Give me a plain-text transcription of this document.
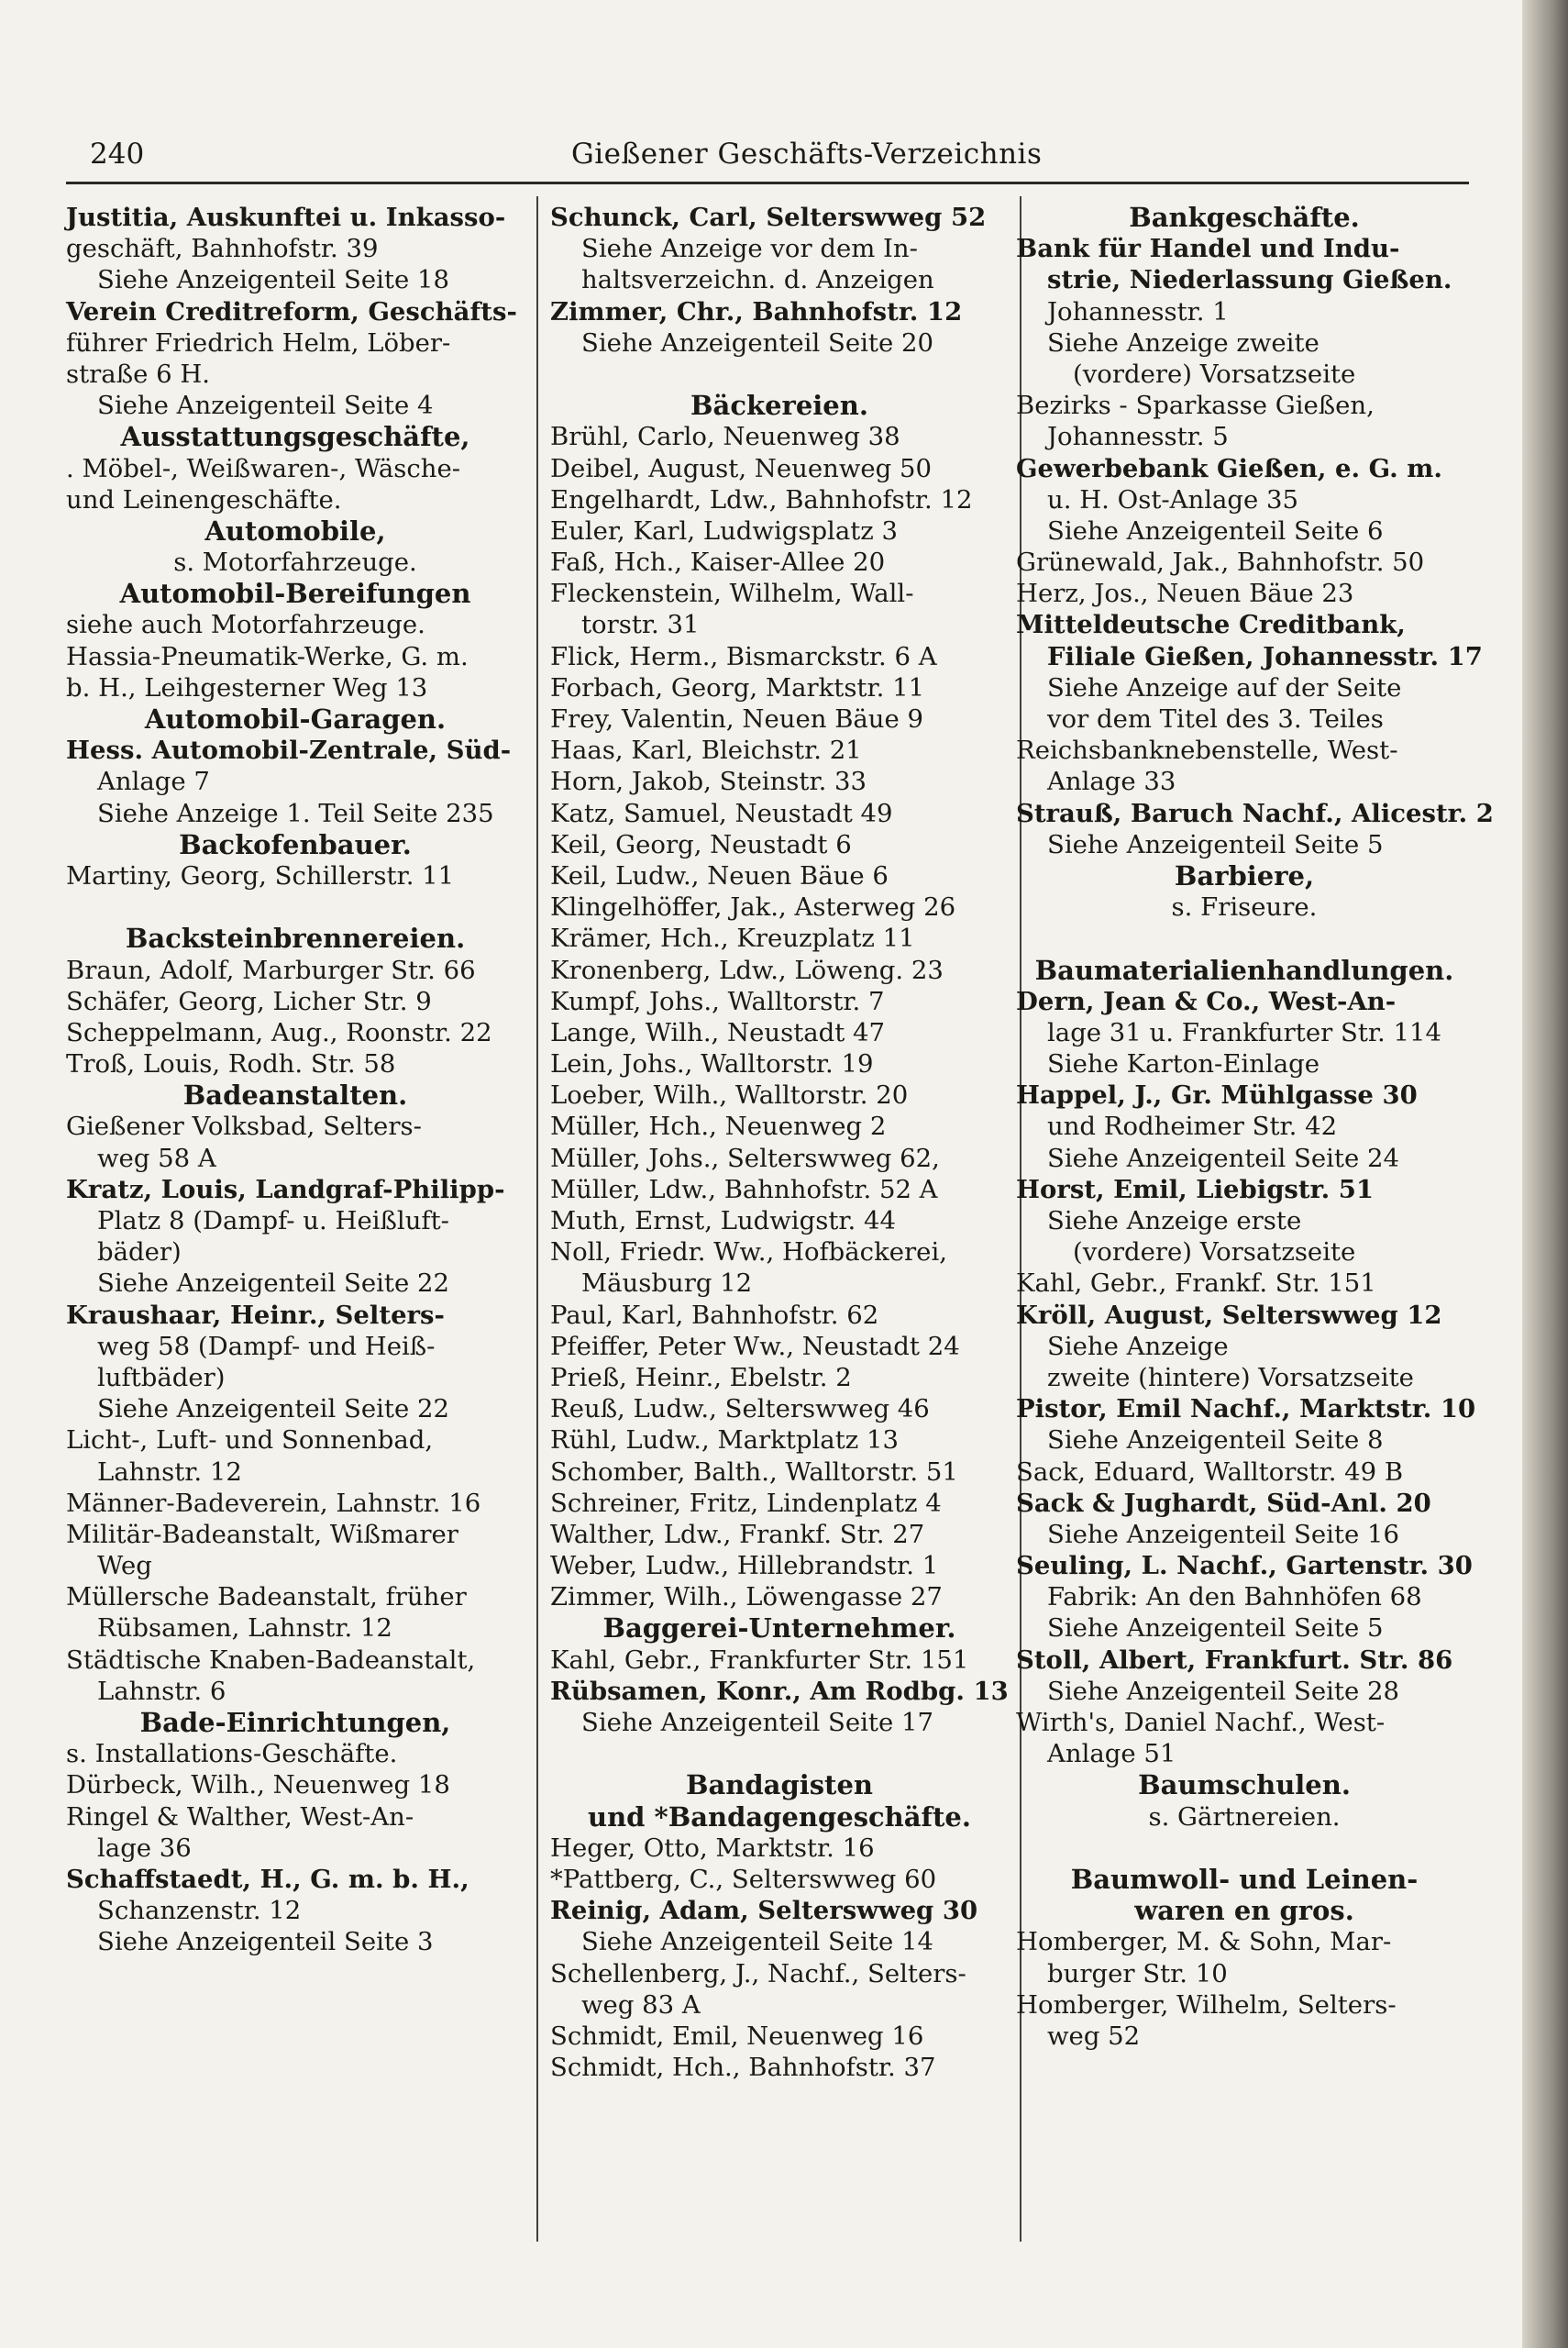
240	Gießener Geschäfts-Verzeichnis
Justitia, Auskunftei u. Inkasso-
geschäft, Bahnhofstr. 39
Siehe Anzeigenteil Seite 18
Verein Creditreform, Geschäfts-
führer Friedrich Helm, Löber-
straße 6 H.
Siehe Anzeigenteil Seite 4
Ausstattungsgeschäfte,
. Möbel-, Weißwaren-, Wäsche-
und Leinengeschäfte.
Automobile,
s. Motorfahrzeuge.
Automobil-Bereifungen
siehe auch Motorfahrzeuge.
Hassia-Pneumatik-Werke, G. m.
b. H., Leihgesterner Weg 13
Automobil-Garagen.
Hess. Automobil-Zentrale, Süd-
Anlage 7
Siehe Anzeige 1. Teil Seite 235
Backofenbauer.
Martiny, Georg, Schillerstr. 11
Backsteinbrennereien.
Braun, Adolf, Marburger Str. 66
Schäfer, Georg, Licher Str. 9
Scheppelmann, Aug., Roonstr. 22
Troß, Louis, Rodh. Str. 58
Badeanstalten.
Gießener Volksbad, Selters-
weg 58 A
Kratz, Louis, Landgraf-Philipp-
Platz 8 (Dampf- u. Heißluft-
bäder)
Siehe Anzeigenteil Seite 22
Kraushaar, Heinr., Selters-
weg 58 (Dampf- und Heiß-
luftbäder)
Siehe Anzeigenteil Seite 22
Licht-, Luft- und Sonnenbad,
Lahnstr. 12
Männer-Badeverein, Lahnstr. 16
Militär-Badeanstalt, Wißmarer
Weg
Müllersche Badeanstalt, früher
Rübsamen, Lahnstr. 12
Städtische Knaben-Badeanstalt,
Lahnstr. 6
Bade-Einrichtungen,
s. Installations-Geschäfte.
Dürbeck, Wilh., Neuenweg 18
Ringel & Walther, West-An-
lage 36
Schaffstaedt, H., G. m. b. H.,
Schanzenstr. 12
Siehe Anzeigenteil Seite 3
Schunck, Carl, Selterswweg 52
Siehe Anzeige vor dem In-
haltsverzeichn. d. Anzeigen
Zimmer, Chr., Bahnhofstr. 12
Siehe Anzeigenteil Seite 20
Bäckereien.
Brühl, Carlo, Neuenweg 38
Deibel, August, Neuenweg 50
Engelhardt, Ldw., Bahnhofstr. 12
Euler, Karl, Ludwigsplatz 3
Faß, Hch., Kaiser-Allee 20
Fleckenstein, Wilhelm, Wall-
torstr. 31
Flick, Herm., Bismarckstr. 6 A
Forbach, Georg, Marktstr. 11
Frey, Valentin, Neuen Bäue 9
Haas, Karl, Bleichstr. 21
Horn, Jakob, Steinstr. 33
Katz, Samuel, Neustadt 49
Keil, Georg, Neustadt 6
Keil, Ludw., Neuen Bäue 6
Klingelhöffer, Jak., Asterweg 26
Krämer, Hch., Kreuzplatz 11
Kronenberg, Ldw., Löweng. 23
Kumpf, Johs., Walltorstr. 7
Lange, Wilh., Neustadt 47
Lein, Johs., Walltorstr. 19
Loeber, Wilh., Walltorstr. 20
Müller, Hch., Neuenweg 2
Müller, Johs., Selterswweg 62,
Müller, Ldw., Bahnhofstr. 52 A
Muth, Ernst, Ludwigstr. 44
Noll, Friedr. Ww., Hofbäckerei,
Mäusburg 12
Paul, Karl, Bahnhofstr. 62
Pfeiffer, Peter Ww., Neustadt 24
Prieß, Heinr., Ebelstr. 2
Reuß, Ludw., Selterswweg 46
Rühl, Ludw., Marktplatz 13
Schomber, Balth., Walltorstr. 51
Schreiner, Fritz, Lindenplatz 4
Walther, Ldw., Frankf. Str. 27
Weber, Ludw., Hillebrandstr. 1
Zimmer, Wilh., Löwengasse 27
Baggerei-Unternehmer.
Kahl, Gebr., Frankfurter Str. 151
Rübsamen, Konr., Am Rodbg. 13
Siehe Anzeigenteil Seite 17
Bandagisten
und *Bandagengeschäfte.
Heger, Otto, Marktstr. 16
*Pattberg, C., Selterswweg 60
Reinig, Adam, Selterswweg 30
Siehe Anzeigenteil Seite 14
Schellenberg, J., Nachf., Selters-
weg 83 A
Schmidt, Emil, Neuenweg 16
Schmidt, Hch., Bahnhofstr. 37
Bankgeschäfte.
Bank für Handel und Indu-
strie, Niederlassung Gießen.
Johannesstr. 1
Siehe Anzeige zweite
(vordere) Vorsatzseite
Bezirks - Sparkasse Gießen,
Johannesstr. 5
Gewerbebank Gießen, e. G. m.
u. H. Ost-Anlage 35
Siehe Anzeigenteil Seite 6
Grünewald, Jak., Bahnhofstr. 50
Herz, Jos., Neuen Bäue 23
Mitteldeutsche Creditbank,
Filiale Gießen, Johannesstr. 17
Siehe Anzeige auf der Seite
vor dem Titel des 3. Teiles
Reichsbanknebenstelle, West-
Anlage 33
Strauß, Baruch Nachf., Alicestr. 2
Siehe Anzeigenteil Seite 5
Barbiere,
s. Friseure.
Baumaterialienhandlungen.
Dern, Jean & Co., West-An-
lage 31 u. Frankfurter Str. 114
Siehe Karton-Einlage
Happel, J., Gr. Mühlgasse 30
und Rodheimer Str. 42
Siehe Anzeigenteil Seite 24
Horst, Emil, Liebigstr. 51
Siehe Anzeige erste
(vordere) Vorsatzseite
Kahl, Gebr., Frankf. Str. 151
Kröll, August, Selterswweg 12
Siehe Anzeige
zweite (hintere) Vorsatzseite
Pistor, Emil Nachf., Marktstr. 10
Siehe Anzeigenteil Seite 8
Sack, Eduard, Walltorstr. 49 B
Sack & Jughardt, Süd-Anl. 20
Siehe Anzeigenteil Seite 16
Seuling, L. Nachf., Gartenstr. 30
Fabrik: An den Bahnhöfen 68
Siehe Anzeigenteil Seite 5
Stoll, Albert, Frankfurt. Str. 86
Siehe Anzeigenteil Seite 28
Wirth's, Daniel Nachf., West-
Anlage 51
Baumschulen.
s. Gärtnereien.
Baumwoll- und Leinen-
waren en gros.
Homberger, M. & Sohn, Mar-
burger Str. 10
Homberger, Wilhelm, Selters-
weg 52
